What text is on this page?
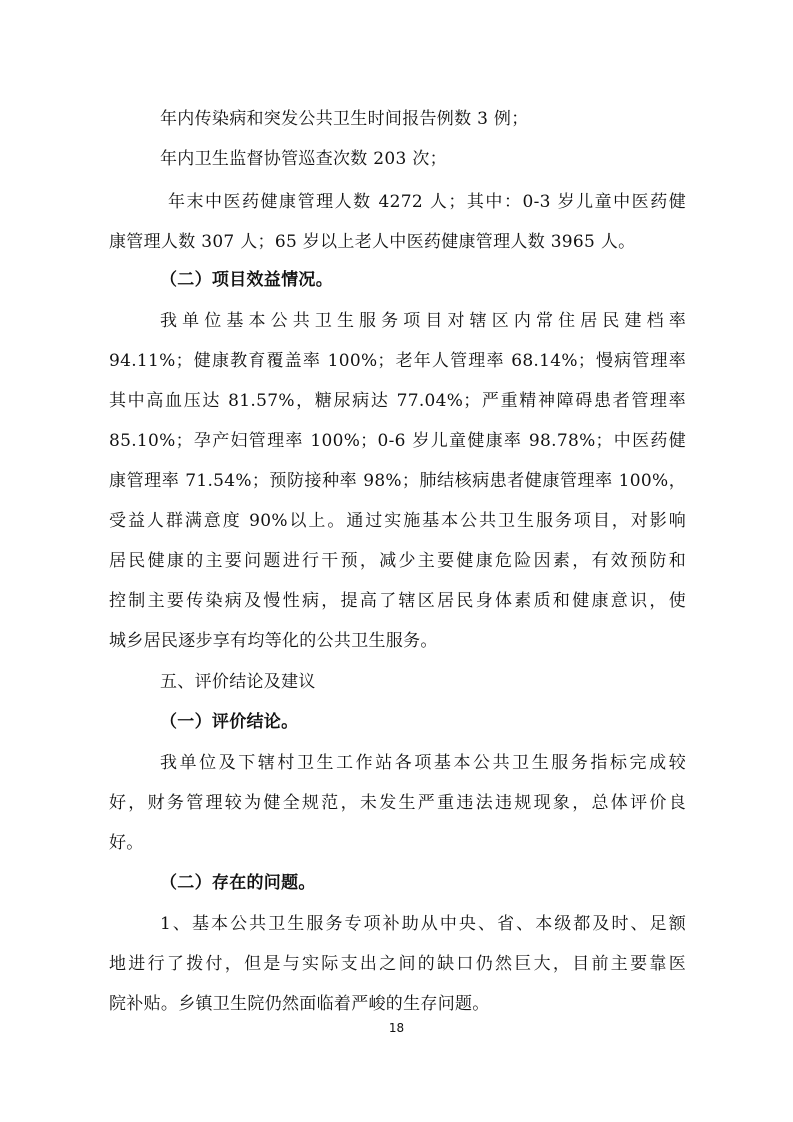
年内传染病和突发公共卫生时间报告例数 3 例；
年内卫生监督协管巡查次数 203 次；
年末中医药健康管理人数 4272 人；其中：0-3 岁儿童中医药健
康管理人数 307 人；65 岁以上老人中医药健康管理人数 3965 人。
（二）项目效益情况。
我单位基本公共卫生服务项目对辖区内常住居民建档率
94.11%；健康教育覆盖率 100%；老年人管理率 68.14%；慢病管理率
其中高血压达 81.57%，糖尿病达 77.04%；严重精神障碍患者管理率
85.10%；孕产妇管理率 100%；0-6 岁儿童健康率 98.78%；中医药健
康管理率 71.54%；预防接种率 98%；肺结核病患者健康管理率 100%，
受益人群满意度 90%以上。通过实施基本公共卫生服务项目，对影响
居民健康的主要问题进行干预，减少主要健康危险因素，有效预防和
控制主要传染病及慢性病，提高了辖区居民身体素质和健康意识，使
城乡居民逐步享有均等化的公共卫生服务。
五、评价结论及建议
（一）评价结论。
我单位及下辖村卫生工作站各项基本公共卫生服务指标完成较
好，财务管理较为健全规范，未发生严重违法违规现象，总体评价良
好。
（二）存在的问题。
1、基本公共卫生服务专项补助从中央、省、本级都及时、足额
地进行了拨付，但是与实际支出之间的缺口仍然巨大，目前主要靠医
院补贴。乡镇卫生院仍然面临着严峻的生存问题。
18
